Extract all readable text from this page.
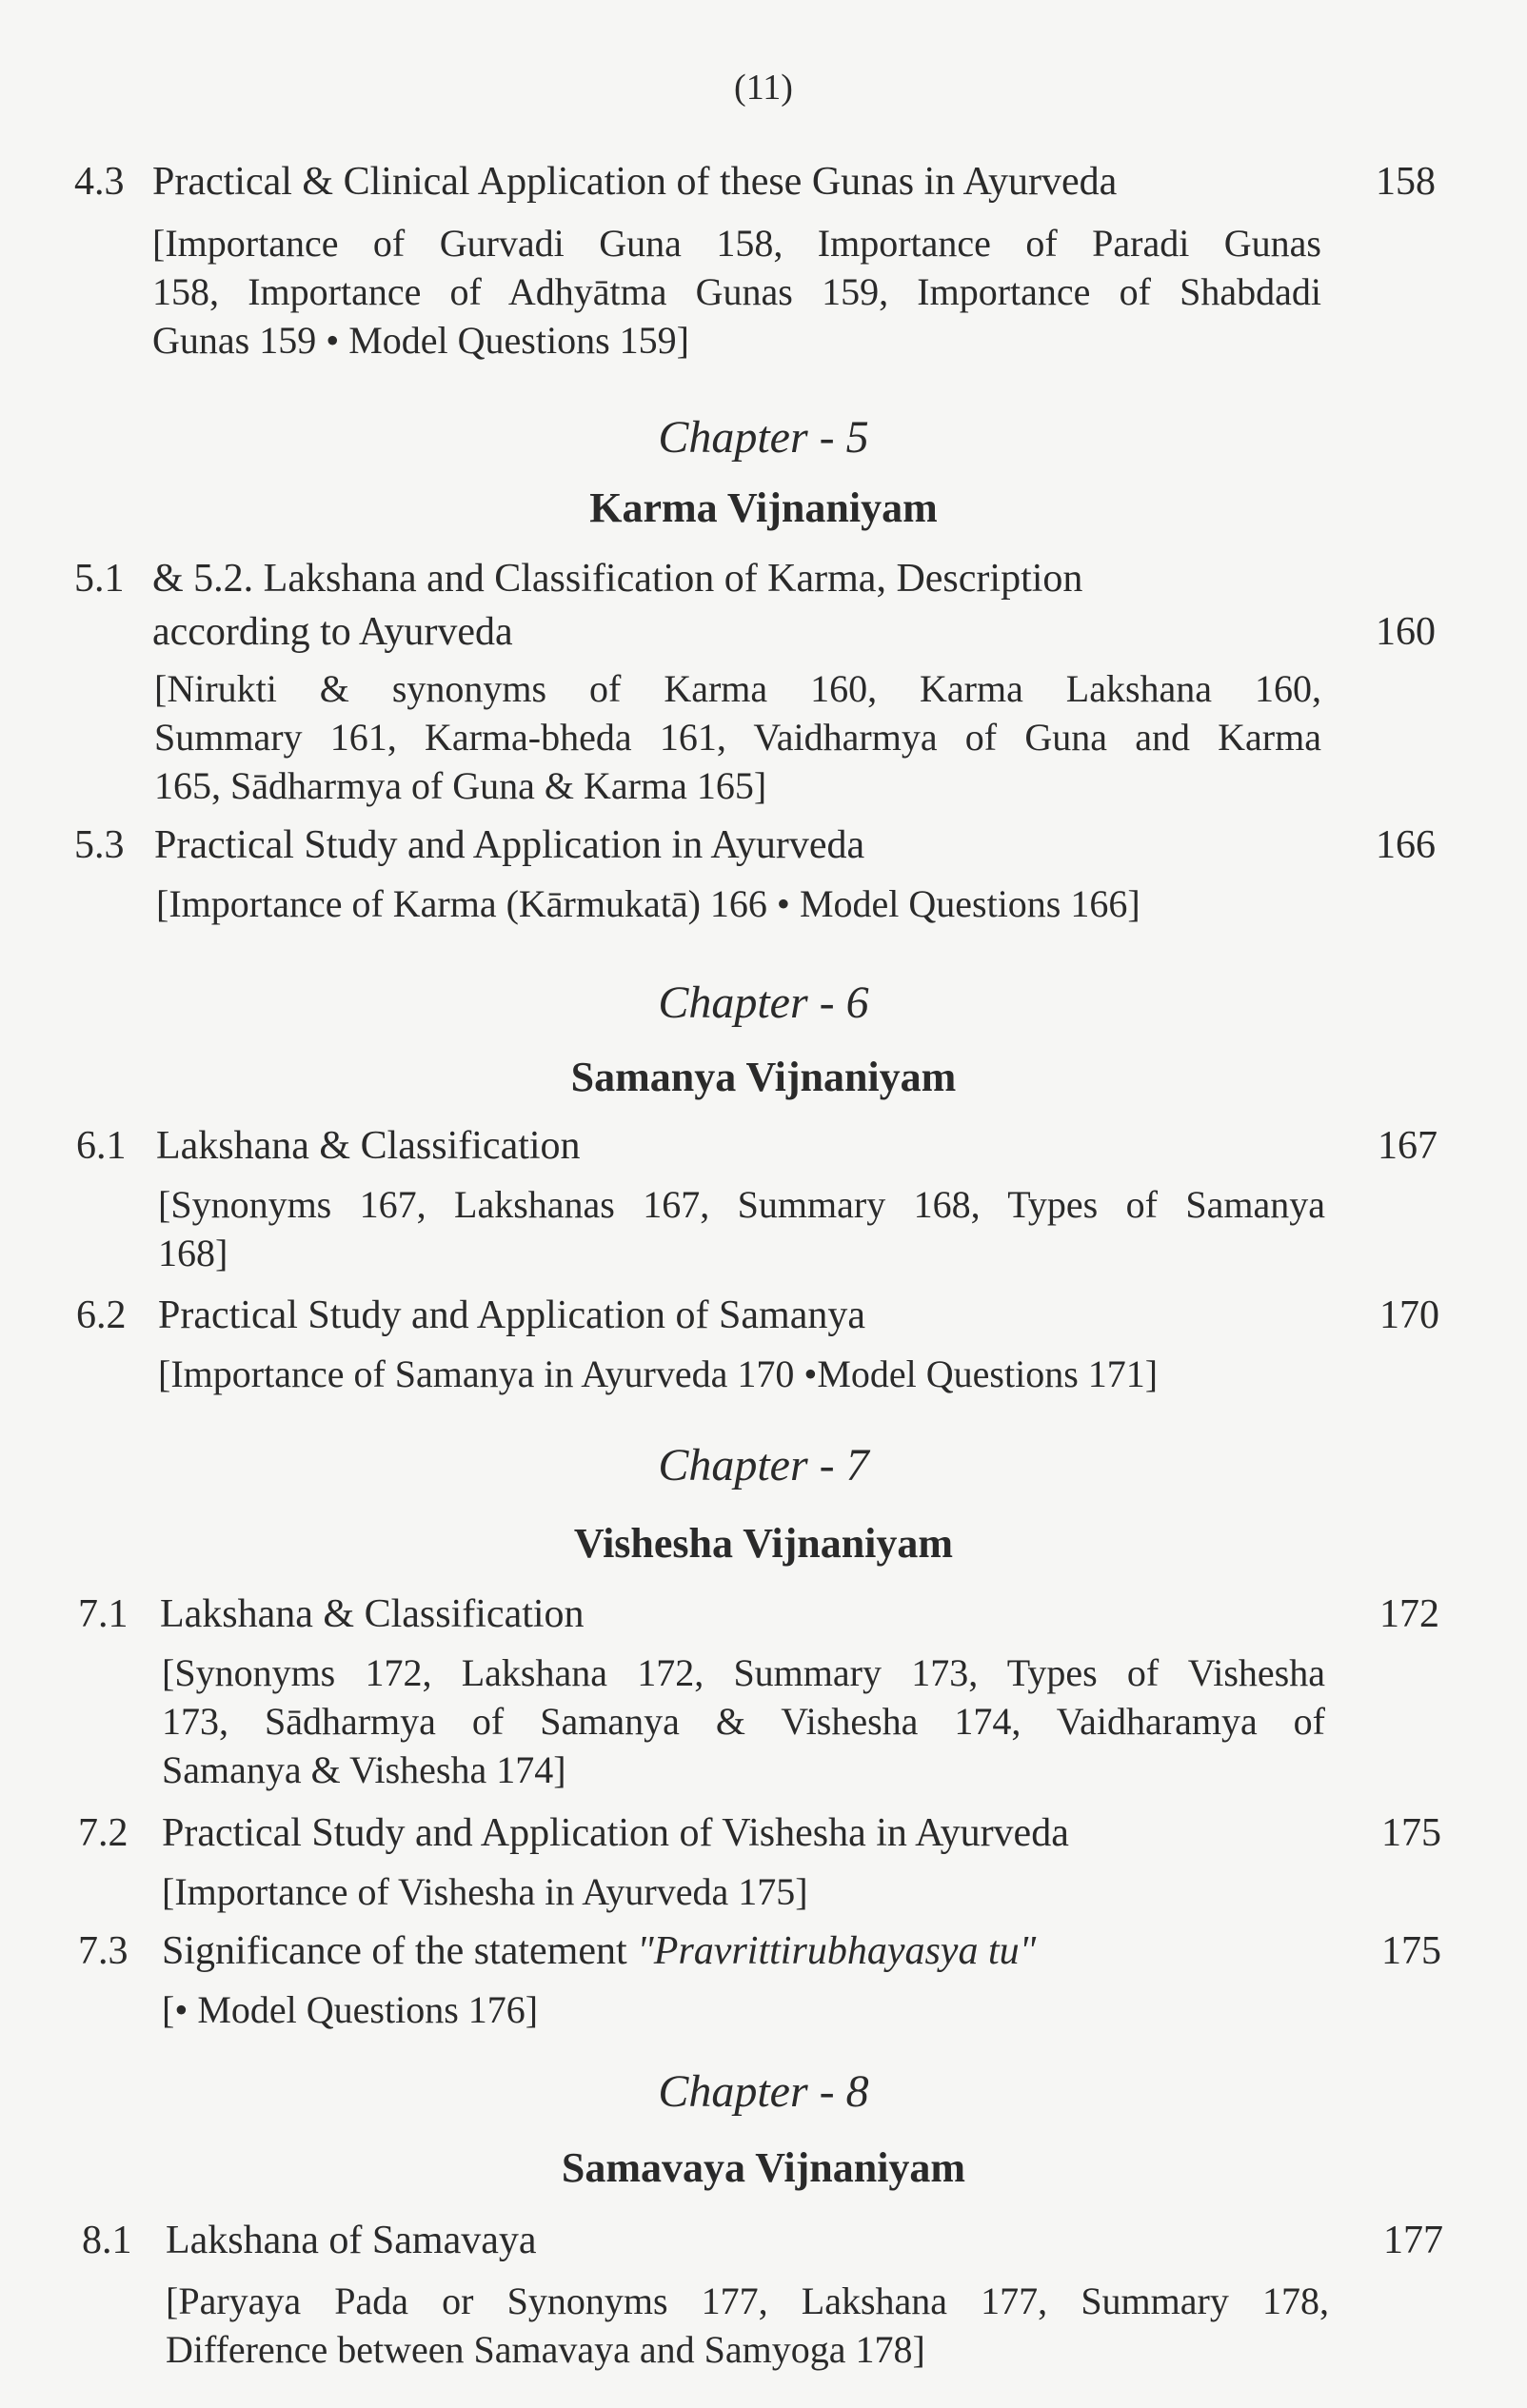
(11)
4.3 Practical & Clinical Application of these Gunas in Ayurveda	158
[Importance of Gurvadi Guna 158, Importance of Paradi Gunas
158, Importance of Adhyātma Gunas 159, Importance of Shabdadi
Gunas 159 • Model Questions 159]
Chapter - 5
Karma Vijnaniyam
5.1 & 5.2. Lakshana and Classification of Karma, Description
according to Ayurveda	160
[Nirukti & synonyms of Karma 160, Karma Lakshana 160,
Summary 161, Karma-bheda 161, Vaidharmya of Guna and Karma
165, Sādharmya of Guna & Karma 165]
5.3 Practical Study and Application in Ayurveda	166
[Importance of Karma (Kārmukatā) 166 • Model Questions 166]
Chapter - 6
Samanya Vijnaniyam
6.1 Lakshana & Classification	167
[Synonyms 167, Lakshanas 167, Summary 168, Types of Samanya
168]
6.2 Practical Study and Application of Samanya	170
[Importance of Samanya in Ayurveda 170 •Model Questions 171]
Chapter - 7
Vishesha Vijnaniyam
7.1 Lakshana & Classification	172
[Synonyms 172, Lakshana 172, Summary 173, Types of Vishesha
173, Sādharmya of Samanya & Vishesha 174, Vaidharamya of
Samanya & Vishesha 174]
7.2 Practical Study and Application of Vishesha in Ayurveda	175
[Importance of Vishesha in Ayurveda 175]
7.3 Significance of the statement "Pravrittirubhayasya tu"	175
[• Model Questions 176]
Chapter - 8
Samavaya Vijnaniyam
8.1 Lakshana of Samavaya	177
[Paryaya Pada or Synonyms 177, Lakshana 177, Summary 178,
Difference between Samavaya and Samyoga 178]
